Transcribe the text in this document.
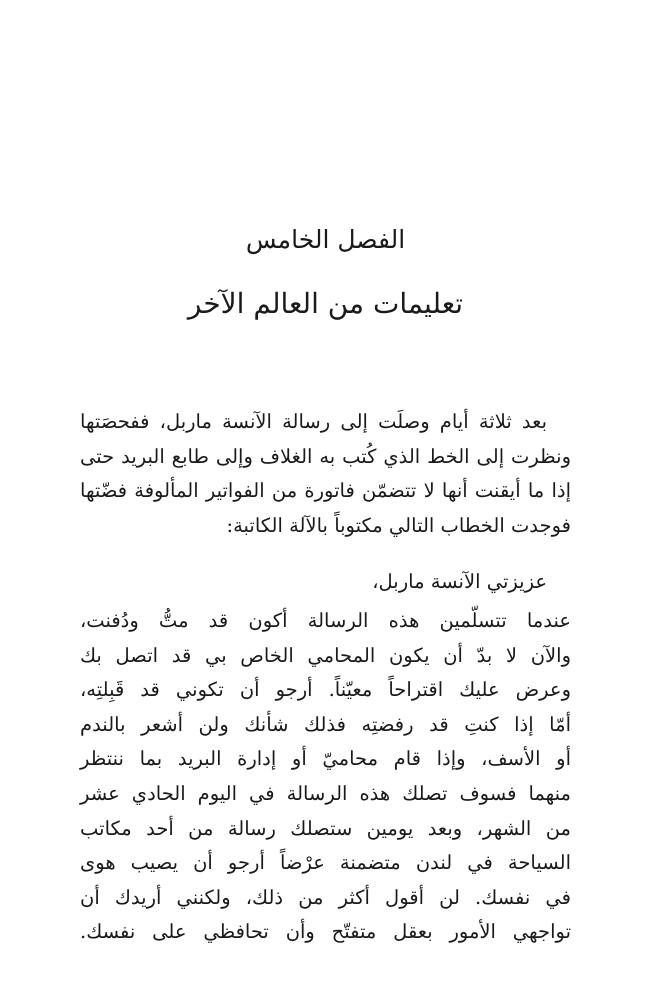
الفصل الخامس
تعليمات من العالم الآخر
بعد ثلاثة أيام وصلَت إلى رسالة الآنسة ماربل، ففحصَتها
ونظرت إلى الخط الذي كُتب به الغلاف وإلى طابع البريد حتى
إذا ما أيقنت أنها لا تتضمّن فاتورة من الفواتير المألوفة فضّتها
فوجدت الخطاب التالي مكتوباً بالآلة الكاتبة:
عزيزتي الآنسة ماربل،
عندما تتسلّمين هذه الرسالة أكون قد متُّ ودُفنت،
والآن لا بدّ أن يكون المحامي الخاص بي قد اتصل بك
وعرض عليك اقتراحاً معيّناً. أرجو أن تكوني قد قَبِلتِه،
أمّا إذا كنتِ قد رفضتِه فذلك شأنك ولن أشعر بالندم
أو الأسف، وإذا قام محاميّ أو إدارة البريد بما ننتظر
منهما فسوف تصلك هذه الرسالة في اليوم الحادي عشر
من الشهر، وبعد يومين ستصلك رسالة من أحد مكاتب
السياحة في لندن متضمنة عرْضاً أرجو أن يصيب هوى
في نفسك. لن أقول أكثر من ذلك، ولكنني أريدك أن
تواجهي الأمور بعقل متفتّح وأن تحافظي على نفسك.
